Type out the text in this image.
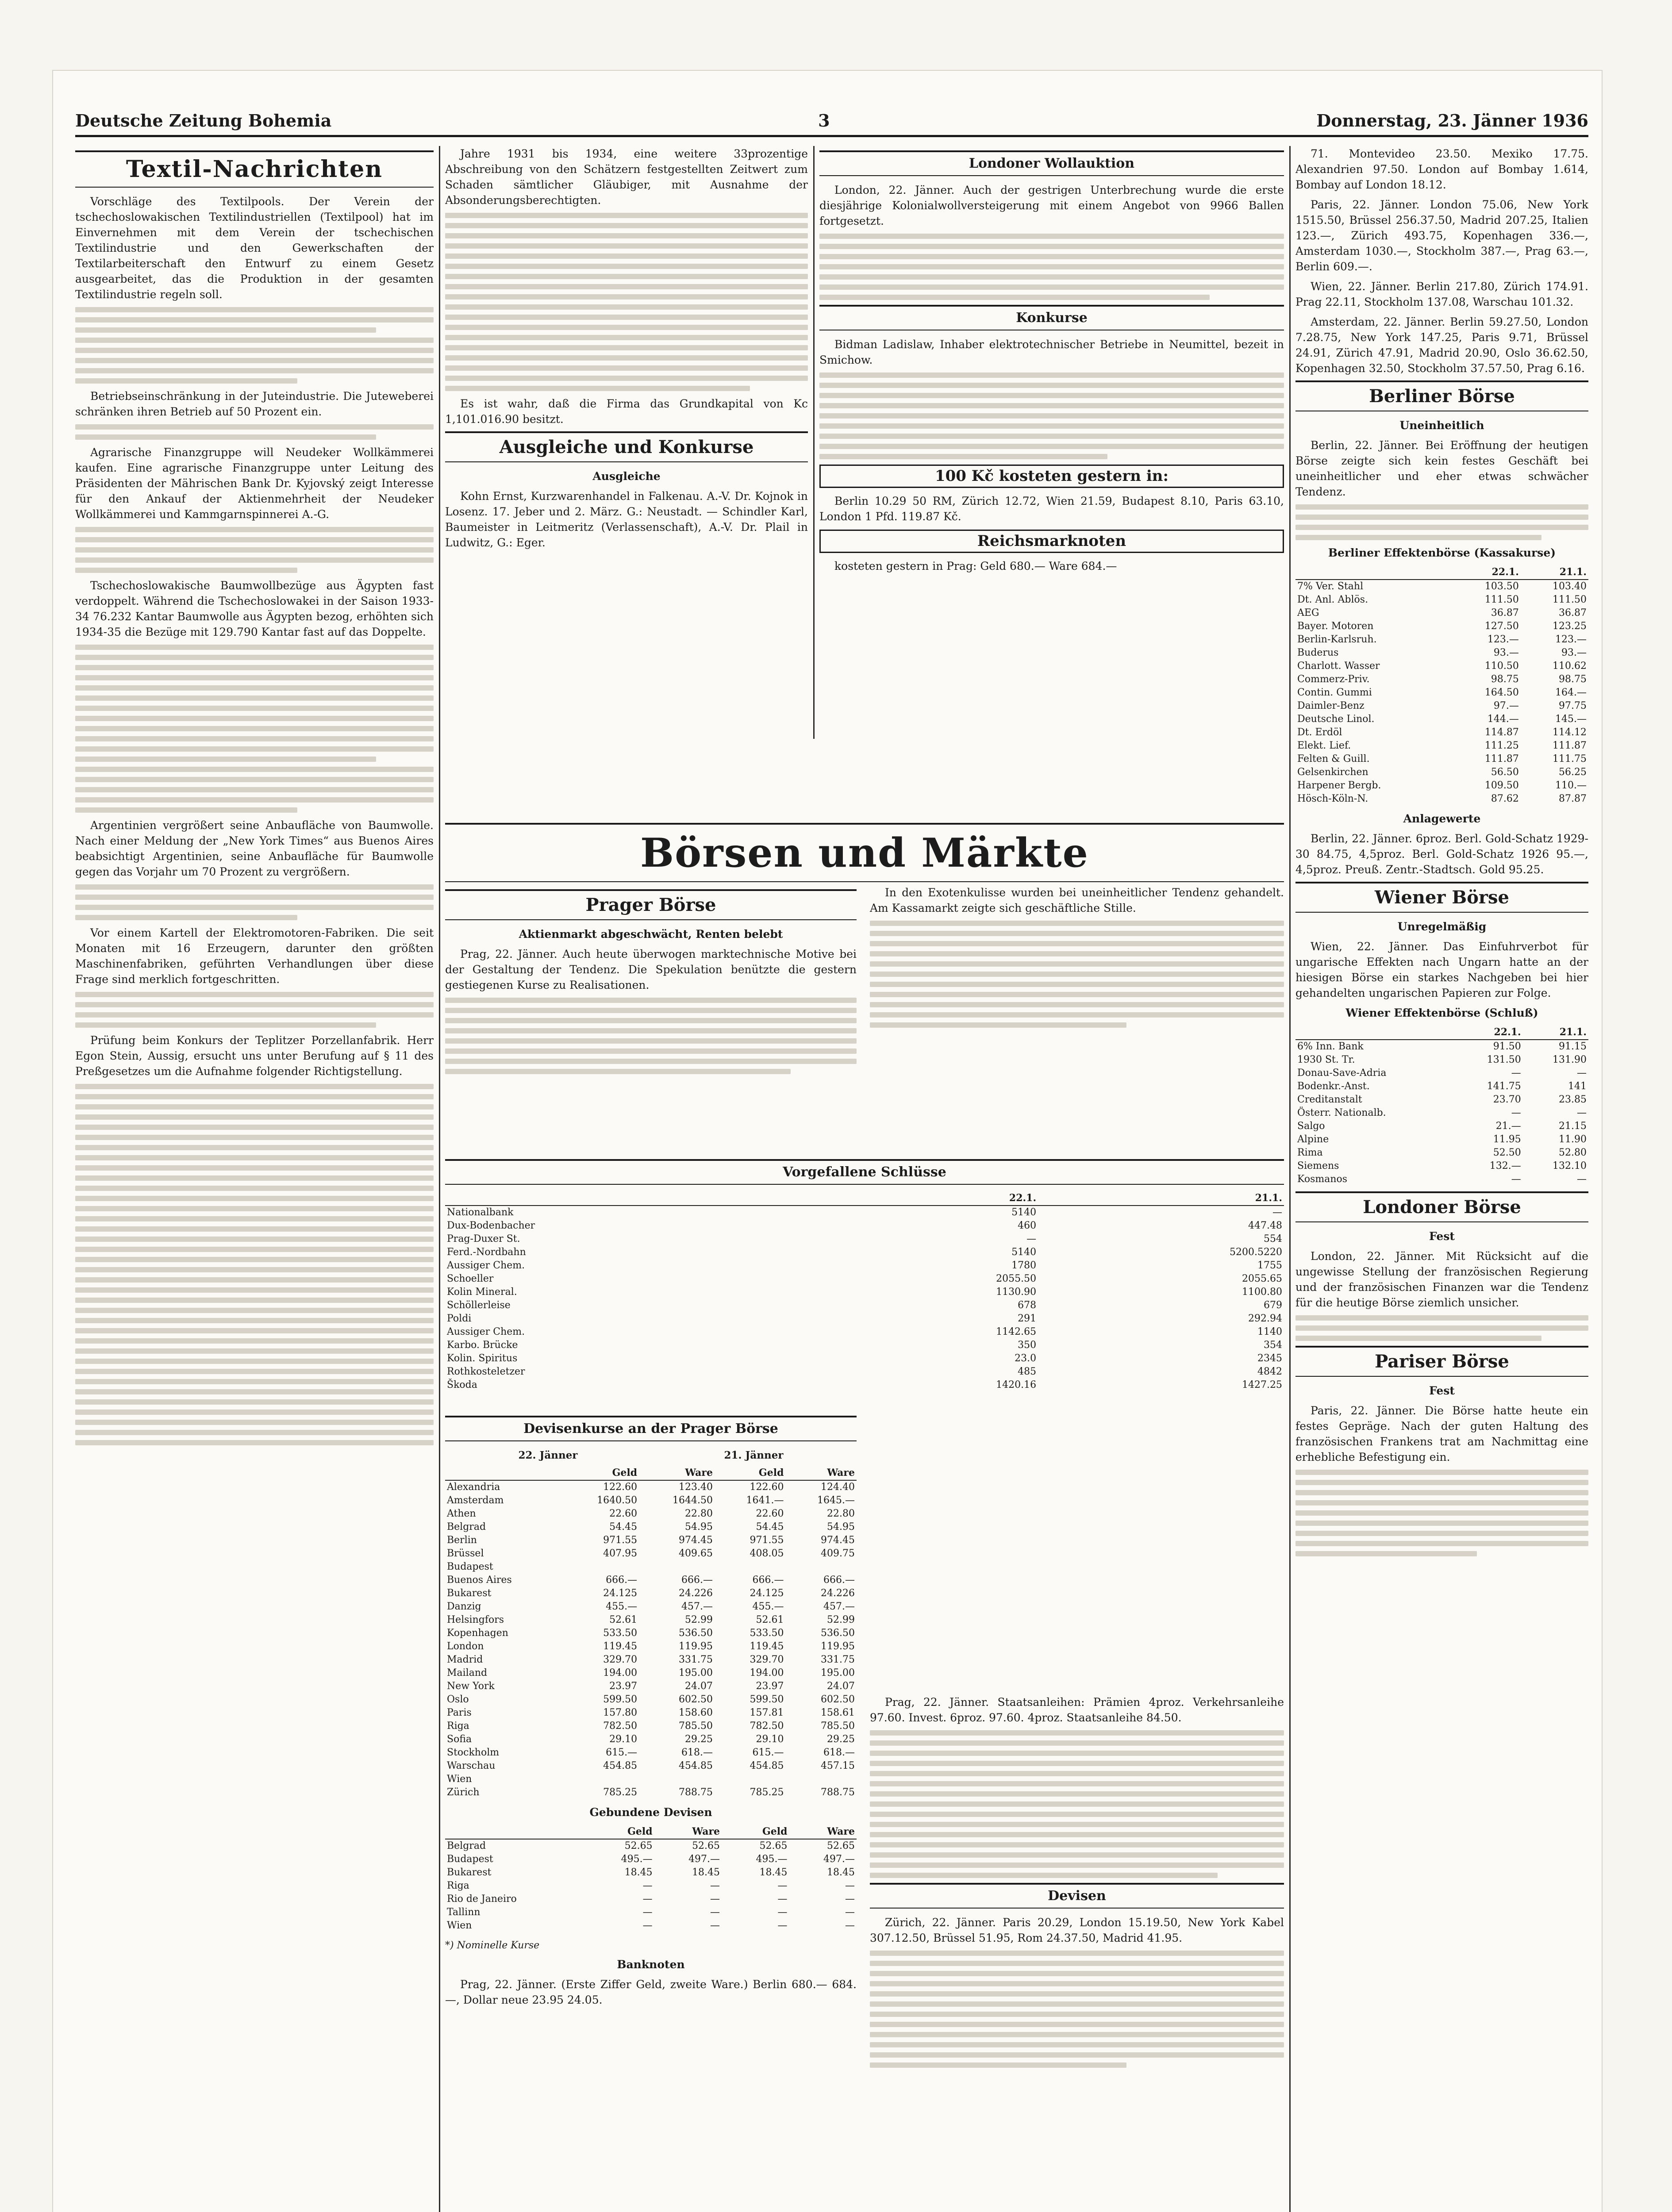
Deutsche Zeitung Bohemia	3	Donnerstag, 23. Jänner 1936
Textil-Nachrichten

Vorschläge des Textilpools. Der Verein der tschechoslowakischen Textilindustriellen (Textilpool) hat im Einvernehmen mit dem Verein der tschechischen Textilindustrie und den Gewerkschaften der Textilarbeiterschaft den Entwurf zu einem Gesetz ausgearbeitet, das die Produktion in der gesamten Textilindustrie regeln soll.

Betriebseinschränkung in der Juteindustrie. Die Juteweberei schränken ihren Betrieb auf 50 Prozent ein.

Agrarische Finanzgruppe will Neudeker Wollkämmerei kaufen. Eine agrarische Finanzgruppe unter Leitung des Präsidenten der Mährischen Bank Dr. Kyjovský zeigt Interesse für den Ankauf der Aktienmehrheit der Neudeker Wollkämmerei und Kammgarnspinnerei A.-G.

Tschechoslowakische Baumwollbezüge aus Ägypten fast verdoppelt. Während die Tschechoslowakei in der Saison 1933-34 76.232 Kantar Baumwolle aus Ägypten bezog, erhöhten sich 1934-35 die Bezüge mit 129.790 Kantar fast auf das Doppelte.

Argentinien vergrößert seine Anbaufläche von Baumwolle. Nach einer Meldung der „New York Times“ aus Buenos Aires beabsichtigt Argentinien, seine Anbaufläche für Baumwolle gegen das Vorjahr um 70 Prozent zu vergrößern.

Vor einem Kartell der Elektromotoren-Fabriken. Die seit Monaten mit 16 Erzeugern, darunter den größten Maschinenfabriken, geführten Verhandlungen über diese Frage sind merklich fortgeschritten.

Prüfung beim Konkurs der Teplitzer Porzellanfabrik. Herr Egon Stein, Aussig, ersucht uns unter Berufung auf § 11 des Preßgesetzes um die Aufnahme folgender Richtigstellung.

Jahre 1931 bis 1934, eine weitere 33prozentige Abschreibung von den Schätzern festgestellten Zeitwert zum Schaden sämtlicher Gläubiger, mit Ausnahme der Absonderungsberechtigten.

Es ist wahr, daß die Firma das Grundkapital von Kc 1,101.016.90 besitzt.

Ausgleiche und Konkurse
Ausgleiche

Kohn Ernst, Kurzwarenhandel in Falkenau. A.-V. Dr. Kojnok in Losenz. 17. Jeber und 2. März. G.: Neustadt. — Schindler Karl, Baumeister in Leitmeritz (Verlassenschaft), A.-V. Dr. Plail in Ludwitz, G.: Eger.

Londoner Wollauktion

London, 22. Jänner. Auch der gestrigen Unterbrechung wurde die erste diesjährige Kolonialwollversteigerung mit einem Angebot von 9966 Ballen fortgesetzt.

Konkurse

Bidman Ladislaw, Inhaber elektrotechnischer Betriebe in Neumittel, bezeit in Smichow.

100 Kč kosteten gestern in:

Berlin 10.29 50 RM, Zürich 12.72, Wien 21.59, Budapest 8.10, Paris 63.10, London 1 Pfd. 119.87 Kč.

Reichsmarknoten

kosteten gestern in Prag: Geld 680.— Ware 684.—

Börsen und Märkte
Prager Börse
Aktienmarkt abgeschwächt, Renten belebt

Prag, 22. Jänner. Auch heute überwogen marktechnische Motive bei der Gestaltung der Tendenz. Die Spekulation benützte die gestern gestiegenen Kurse zu Realisationen.

In den Exotenkulisse wurden bei uneinheitlicher Tendenz gehandelt. Am Kassamarkt zeigte sich geschäftliche Stille.

Vorgefallene Schlüsse
	22.1.	21.1.
Nationalbank	5140	—
Dux-Bodenbacher	460	447.48
Prag-Duxer St.	—	554
Ferd.-Nordbahn	5140	5200.5220
Aussiger Chem.	1780	1755
Schoeller	2055.50	2055.65
Kolin Mineral.	1130.90	1100.80
Schöllerleise	678	679
Poldi	291	292.94
Aussiger Chem.	1142.65	1140
Karbo. Brücke	350	354
Kolin. Spiritus	23.0	2345
Rothkosteletzer	485	4842
Škoda	1420.16	1427.25
Devisenkurse an der Prager Börse
22. Jänner	21. Jänner
	Geld	Ware	Geld	Ware
Alexandria	122.60	123.40	122.60	124.40
Amsterdam	1640.50	1644.50	1641.—	1645.—
Athen	22.60	22.80	22.60	22.80
Belgrad	54.45	54.95	54.45	54.95
Berlin	971.55	974.45	971.55	974.45
Brüssel	407.95	409.65	408.05	409.75
Budapest				
Buenos Aires	666.—	666.—	666.—	666.—
Bukarest	24.125	24.226	24.125	24.226
Danzig	455.—	457.—	455.—	457.—
Helsingfors	52.61	52.99	52.61	52.99
Kopenhagen	533.50	536.50	533.50	536.50
London	119.45	119.95	119.45	119.95
Madrid	329.70	331.75	329.70	331.75
Mailand	194.00	195.00	194.00	195.00
New York	23.97	24.07	23.97	24.07
Oslo	599.50	602.50	599.50	602.50
Paris	157.80	158.60	157.81	158.61
Riga	782.50	785.50	782.50	785.50
Sofia	29.10	29.25	29.10	29.25
Stockholm	615.—	618.—	615.—	618.—
Warschau	454.85	454.85	454.85	457.15
Wien				
Zürich	785.25	788.75	785.25	788.75
Gebundene Devisen
	Geld	Ware	Geld	Ware
Belgrad	52.65	52.65	52.65	52.65
Budapest	495.—	497.—	495.—	497.—
Bukarest	18.45	18.45	18.45	18.45
Riga	—	—	—	—
Rio de Janeiro	—	—	—	—
Tallinn	—	—	—	—
Wien	—	—	—	—
*) Nominelle Kurse
Banknoten

Prag, 22. Jänner. (Erste Ziffer Geld, zweite Ware.) Berlin 680.— 684.—, Dollar neue 23.95 24.05.

Prag, 22. Jänner. Staatsanleihen: Prämien 4proz. Verkehrsanleihe 97.60. Invest. 6proz. 97.60. 4proz. Staatsanleihe 84.50.

Devisen

Zürich, 22. Jänner. Paris 20.29, London 15.19.50, New York Kabel 307.12.50, Brüssel 51.95, Rom 24.37.50, Madrid 41.95.

71. Montevideo 23.50. Mexiko 17.75. Alexandrien 97.50. London auf Bombay 1.614, Bombay auf London 18.12.

Paris, 22. Jänner. London 75.06, New York 1515.50, Brüssel 256.37.50, Madrid 207.25, Italien 123.—, Zürich 493.75, Kopenhagen 336.—, Amsterdam 1030.—, Stockholm 387.—, Prag 63.—, Berlin 609.—.

Wien, 22. Jänner. Berlin 217.80, Zürich 174.91. Prag 22.11, Stockholm 137.08, Warschau 101.32.

Amsterdam, 22. Jänner. Berlin 59.27.50, London 7.28.75, New York 147.25, Paris 9.71, Brüssel 24.91, Zürich 47.91, Madrid 20.90, Oslo 36.62.50, Kopenhagen 32.50, Stockholm 37.57.50, Prag 6.16.

Berliner Börse
Uneinheitlich

Berlin, 22. Jänner. Bei Eröffnung der heutigen Börse zeigte sich kein festes Geschäft bei uneinheitlicher und eher etwas schwächer Tendenz.

Berliner Effektenbörse (Kassakurse)
	22.1.	21.1.
7% Ver. Stahl	103.50	103.40
Dt. Anl. Ablös.	111.50	111.50
AEG	36.87	36.87
Bayer. Motoren	127.50	123.25
Berlin-Karlsruh.	123.—	123.—
Buderus	93.—	93.—
Charlott. Wasser	110.50	110.62
Commerz-Priv.	98.75	98.75
Contin. Gummi	164.50	164.—
Daimler-Benz	97.—	97.75
Deutsche Linol.	144.—	145.—
Dt. Erdöl	114.87	114.12
Elekt. Lief.	111.25	111.87
Felten & Guill.	111.87	111.75
Gelsenkirchen	56.50	56.25
Harpener Bergb.	109.50	110.—
Hösch-Köln-N.	87.62	87.87
Anlagewerte

Berlin, 22. Jänner. 6proz. Berl. Gold-Schatz 1929-30 84.75, 4,5proz. Berl. Gold-Schatz 1926 95.—, 4,5proz. Preuß. Zentr.-Stadtsch. Gold 95.25.

Wiener Börse
Unregelmäßig

Wien, 22. Jänner. Das Einfuhrverbot für ungarische Effekten nach Ungarn hatte an der hiesigen Börse ein starkes Nachgeben bei hier gehandelten ungarischen Papieren zur Folge.

Wiener Effektenbörse (Schluß)
	22.1.	21.1.
6% Inn. Bank	91.50	91.15
1930 St. Tr.	131.50	131.90
Donau-Save-Adria	—	—
Bodenkr.-Anst.	141.75	141
Creditanstalt	23.70	23.85
Österr. Nationalb.	—	—
Salgo	21.—	21.15
Alpine	11.95	11.90
Rima	52.50	52.80
Siemens	132.—	132.10
Kosmanos	—	—
Londoner Börse
Fest

London, 22. Jänner. Mit Rücksicht auf die ungewisse Stellung der französischen Regierung und der französischen Finanzen war die Tendenz für die heutige Börse ziemlich unsicher.

Pariser Börse
Fest

Paris, 22. Jänner. Die Börse hatte heute ein festes Gepräge. Nach der guten Haltung des französischen Frankens trat am Nachmittag eine erhebliche Befestigung ein.
